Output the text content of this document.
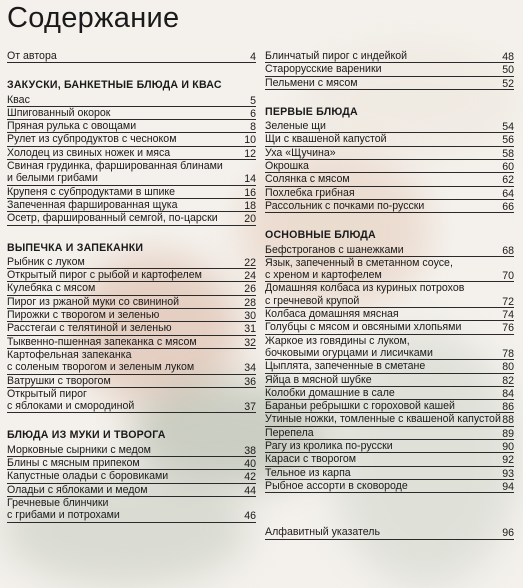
Содержание
От автора	4
ЗАКУСКИ, БАНКЕТНЫЕ БЛЮДА И КВАС
Квас	5
Шпигованный окорок	6
Пряная рулька с овощами	8
Рулет из субпродуктов с чесноком	10
Холодец из свиных ножек и мяса	12
Свиная грудинка, фаршированная блинами
и белыми грибами	14
Крупеня с субпродуктами в шпике	16
Запеченная фаршированная щука	18
Осетр, фаршированный семгой, по-царски	20
ВЫПЕЧКА И ЗАПЕКАНКИ
Рыбник с луком	22
Открытый пирог с рыбой и картофелем	24
Кулебяка с мясом	26
Пирог из ржаной муки со свининой	28
Пирожки с творогом и зеленью	30
Расстегаи с телятиной и зеленью	31
Тыквенно-пшенная запеканка с мясом	32
Картофельная запеканка
с соленым творогом и зеленым луком	34
Ватрушки с творогом	36
Открытый пирог
с яблоками и смородиной	37
БЛЮДА ИЗ МУКИ И ТВОРОГА
Морковные сырники с медом	38
Блины с мясным припеком	40
Капустные оладьи с боровиками	42
Оладьи с яблоками и медом	44
Гречневые блинчики
с грибами и потрохами	46
Блинчатый пирог с индейкой	48
Старорусские вареники	50
Пельмени с мясом	52
ПЕРВЫЕ БЛЮДА
Зеленые щи	54
Щи с квашеной капустой	56
Уха «Щучина»	58
Окрошка	60
Солянка с мясом	62
Похлебка грибная	64
Рассольник с почками по-русски	66
ОСНОВНЫЕ БЛЮДА
Бефстроганов с шанежками	68
Язык, запеченный в сметанном соусе,
с хреном и картофелем	70
Домашняя колбаса из куриных потрохов
с гречневой крупой	72
Колбаса домашняя мясная	74
Голубцы с мясом и овсяными хлопьями	76
Жаркое из говядины с луком,
бочковыми огурцами и лисичками	78
Цыплята, запеченные в сметане	80
Яйца в мясной шубке	82
Колобки домашние в сале	84
Бараньи ребрышки с гороховой кашей	86
Утиные ножки, томленные с квашеной капустой 88
Перепела	89
Рагу из кролика по-русски	90
Караси с творогом	92
Тельное из карпа	93
Рыбное ассорти в сковороде	94
Алфавитный указатель	96
